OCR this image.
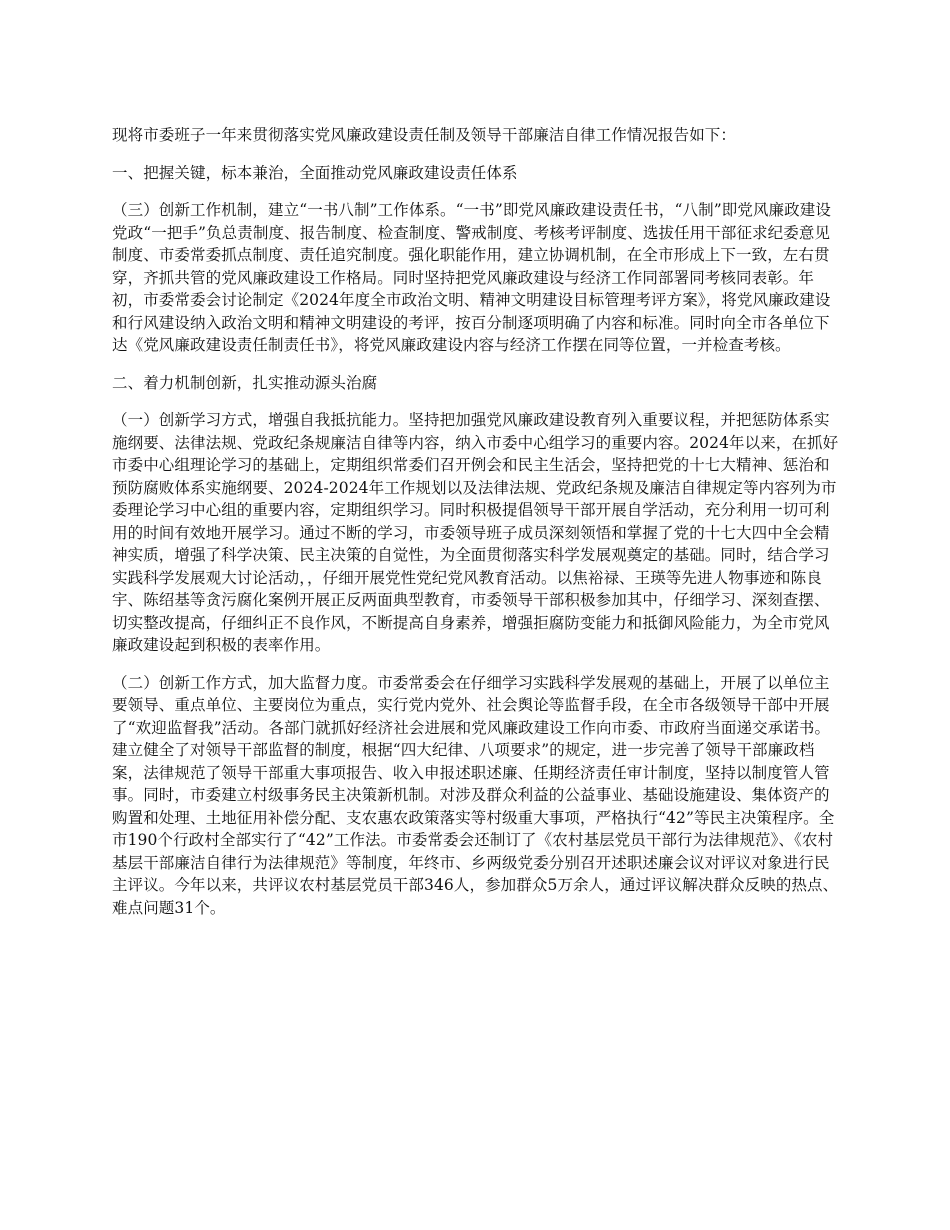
现将市委班子一年来贯彻落实党风廉政建设责任制及领导干部廉洁自律工作情况报告如下：

一、把握关键，标本兼治，全面推动党风廉政建设责任体系

（三）创新工作机制，建立“一书八制”工作体系。“一书”即党风廉政建设责任书，“八制”即党风廉政建设党政“一把手”负总责制度、报告制度、检查制度、警戒制度、考核考评制度、选拔任用干部征求纪委意见制度、市委常委抓点制度、责任追究制度。强化职能作用，建立协调机制，在全市形成上下一致，左右贯穿，齐抓共管的党风廉政建设工作格局。同时坚持把党风廉政建设与经济工作同部署同考核同表彰。年初，市委常委会讨论制定《2024年度全市政治文明、精神文明建设目标管理考评方案》，将党风廉政建设和行风建设纳入政治文明和精神文明建设的考评，按百分制逐项明确了内容和标准。同时向全市各单位下达《党风廉政建设责任制责任书》，将党风廉政建设内容与经济工作摆在同等位置，一并检查考核。

二、着力机制创新，扎实推动源头治腐

（一）创新学习方式，增强自我抵抗能力。坚持把加强党风廉政建设教育列入重要议程，并把惩防体系实施纲要、法律法规、党政纪条规廉洁自律等内容，纳入市委中心组学习的重要内容。2024年以来，在抓好市委中心组理论学习的基础上，定期组织常委们召开例会和民主生活会，坚持把党的十七大精神、惩治和预防腐败体系实施纲要、2024-2024年工作规划以及法律法规、党政纪条规及廉洁自律规定等内容列为市委理论学习中心组的重要内容，定期组织学习。同时积极提倡领导干部开展自学活动，充分利用一切可利用的时间有效地开展学习。通过不断的学习，市委领导班子成员深刻领悟和掌握了党的十七大四中全会精神实质，增强了科学决策、民主决策的自觉性，为全面贯彻落实科学发展观奠定的基础。同时，结合学习实践科学发展观大讨论活动，，仔细开展党性党纪党风教育活动。以焦裕禄、王瑛等先进人物事迹和陈良宇、陈绍基等贪污腐化案例开展正反两面典型教育，市委领导干部积极参加其中，仔细学习、深刻查摆、切实整改提高，仔细纠正不良作风，不断提高自身素养，增强拒腐防变能力和抵御风险能力，为全市党风廉政建设起到积极的表率作用。

（二）创新工作方式，加大监督力度。市委常委会在仔细学习实践科学发展观的基础上，开展了以单位主要领导、重点单位、主要岗位为重点，实行党内党外、社会舆论等监督手段，在全市各级领导干部中开展了“欢迎监督我”活动。各部门就抓好经济社会进展和党风廉政建设工作向市委、市政府当面递交承诺书。建立健全了对领导干部监督的制度，根据“四大纪律、八项要求”的规定，进一步完善了领导干部廉政档案，法律规范了领导干部重大事项报告、收入申报述职述廉、任期经济责任审计制度，坚持以制度管人管事。同时，市委建立村级事务民主决策新机制。对涉及群众利益的公益事业、基础设施建设、集体资产的购置和处理、土地征用补偿分配、支农惠农政策落实等村级重大事项，严格执行“42”等民主决策程序。全市190个行政村全部实行了“42”工作法。市委常委会还制订了《农村基层党员干部行为法律规范》、《农村基层干部廉洁自律行为法律规范》等制度，年终市、乡两级党委分别召开述职述廉会议对评议对象进行民主评议。今年以来，共评议农村基层党员干部346人，参加群众5万余人，通过评议解决群众反映的热点、难点问题31个。
